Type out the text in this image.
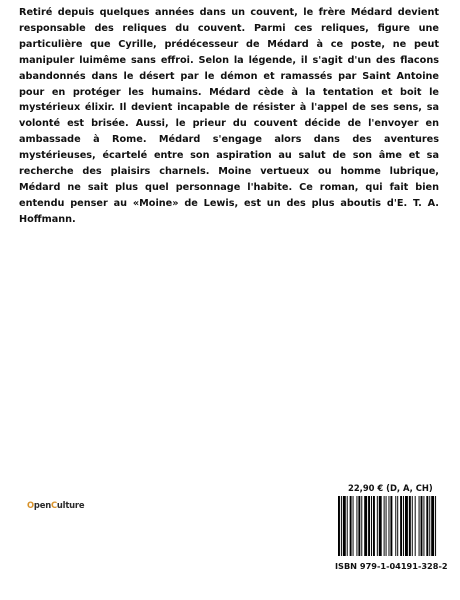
Retiré depuis quelques années dans un couvent, le frère Médard devient responsable des reliques du couvent. Parmi ces reliques, figure une particulière que Cyrille, prédécesseur de Médard à ce poste, ne peut manipuler luimême sans effroi. Selon la légende, il s'agit d'un des flacons abandonnés dans le désert par le démon et ramassés par Saint Antoine pour en protéger les humains. Médard cède à la tentation et boit le mystérieux élixir. Il devient incapable de résister à l'appel de ses sens, sa volonté est brisée. Aussi, le prieur du couvent décide de l'envoyer en ambassade à Rome. Médard s'engage alors dans des aventures mystérieuses, écartelé entre son aspiration au salut de son âme et sa recherche des plaisirs charnels. Moine vertueux ou homme lubrique, Médard ne sait plus quel personnage l'habite. Ce roman, qui fait bien entendu penser au «Moine» de Lewis, est un des plus aboutis d'E. T. A. Hoffmann.

22,90 € (D, A, CH)
OpenCulture
ISBN 979-1-04191-328-2
